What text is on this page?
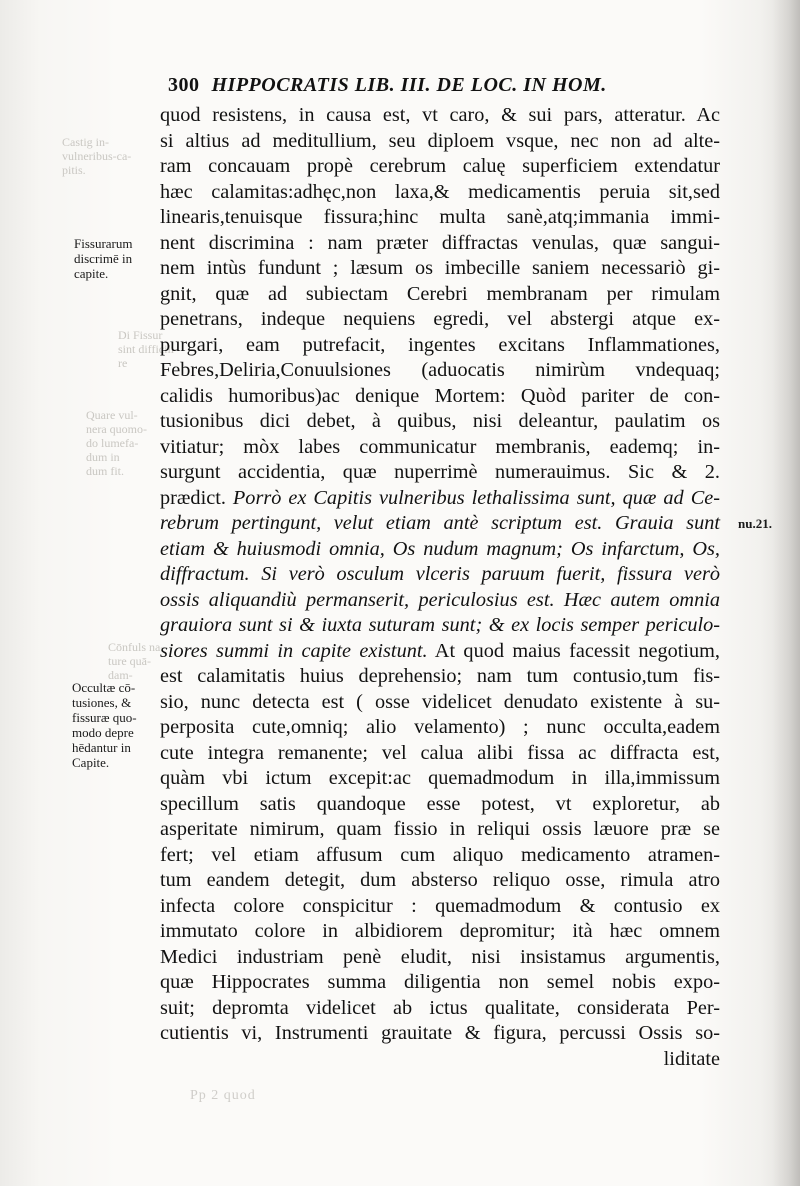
300 HIPPOCRATIS LIB. III. DE LOC. IN HOM.
Castig in-
vulneribus-ca-
pitis.
Di Fissur
sint difficili
re
Quare vul-
nera quomo-
do lumefa-
dum in
dum fit.
Cōnfuls na-
ture quā-
dam-
Pp 2 quod
Fissurarum
discrimē in
capite.
Occultæ cō-
tusiones, &
fissuræ quo-
modo depre
hēdantur in
Capite.
nu.21.
quod resistens, in causa est, vt caro, & sui pars, atteratur. Ac
si altius ad meditullium, seu diploem vsque, nec non ad alte-
ram concauam propè cerebrum caluę superficiem extendatur
hæc calamitas:adhęc,non laxa,& medicamentis peruia sit,sed
linearis,tenuisque fissura;hinc multa sanè,atq;immania immi-
nent discrimina : nam præter diffractas venulas, quæ sangui-
nem intùs fundunt ; læsum os imbecille saniem necessariò gi-
gnit, quæ ad subiectam Cerebri membranam per rimulam
penetrans, indeque nequiens egredi, vel abstergi atque ex-
purgari, eam putrefacit, ingentes excitans Inflammationes,
Febres,Deliria,Conuulsiones (aduocatis nimirùm vndequaq;
calidis humoribus)ac denique Mortem: Quòd pariter de con-
tusionibus dici debet, à quibus, nisi deleantur, paulatim os
vitiatur; mòx labes communicatur membranis, eademq; in-
surgunt accidentia, quæ nuperrimè numerauimus. Sic & 2.
prædict. Porrò ex Capitis vulneribus lethalissima sunt, quæ ad Ce-
rebrum pertingunt, velut etiam antè scriptum est. Grauia sunt
etiam & huiusmodi omnia, Os nudum magnum; Os infarctum, Os,
diffractum. Si verò osculum vlceris paruum fuerit, fissura verò
ossis aliquandiù permanserit, periculosius est. Hæc autem omnia
grauiora sunt si & iuxta suturam sunt; & ex locis semper periculo-
siores summi in capite existunt. At quod maius facessit negotium,
est calamitatis huius deprehensio; nam tum contusio,tum fis-
sio, nunc detecta est ( osse videlicet denudato existente à su-
perposita cute,omniq; alio velamento) ; nunc occulta,eadem
cute integra remanente; vel calua alibi fissa ac diffracta est,
quàm vbi ictum excepit:ac quemadmodum in illa,immissum
specillum satis quandoque esse potest, vt exploretur, ab
asperitate nimirum, quam fissio in reliqui ossis læuore præ se
fert; vel etiam affusum cum aliquo medicamento atramen-
tum eandem detegit, dum absterso reliquo osse, rimula atro
infecta colore conspicitur : quemadmodum & contusio ex
immutato colore in albidiorem depromitur; ità hæc omnem
Medici industriam penè eludit, nisi insistamus argumentis,
quæ Hippocrates summa diligentia non semel nobis expo-
suit; depromta videlicet ab ictus qualitate, considerata Per-
cutientis vi, Instrumenti grauitate & figura, percussi Ossis so-
liditate
